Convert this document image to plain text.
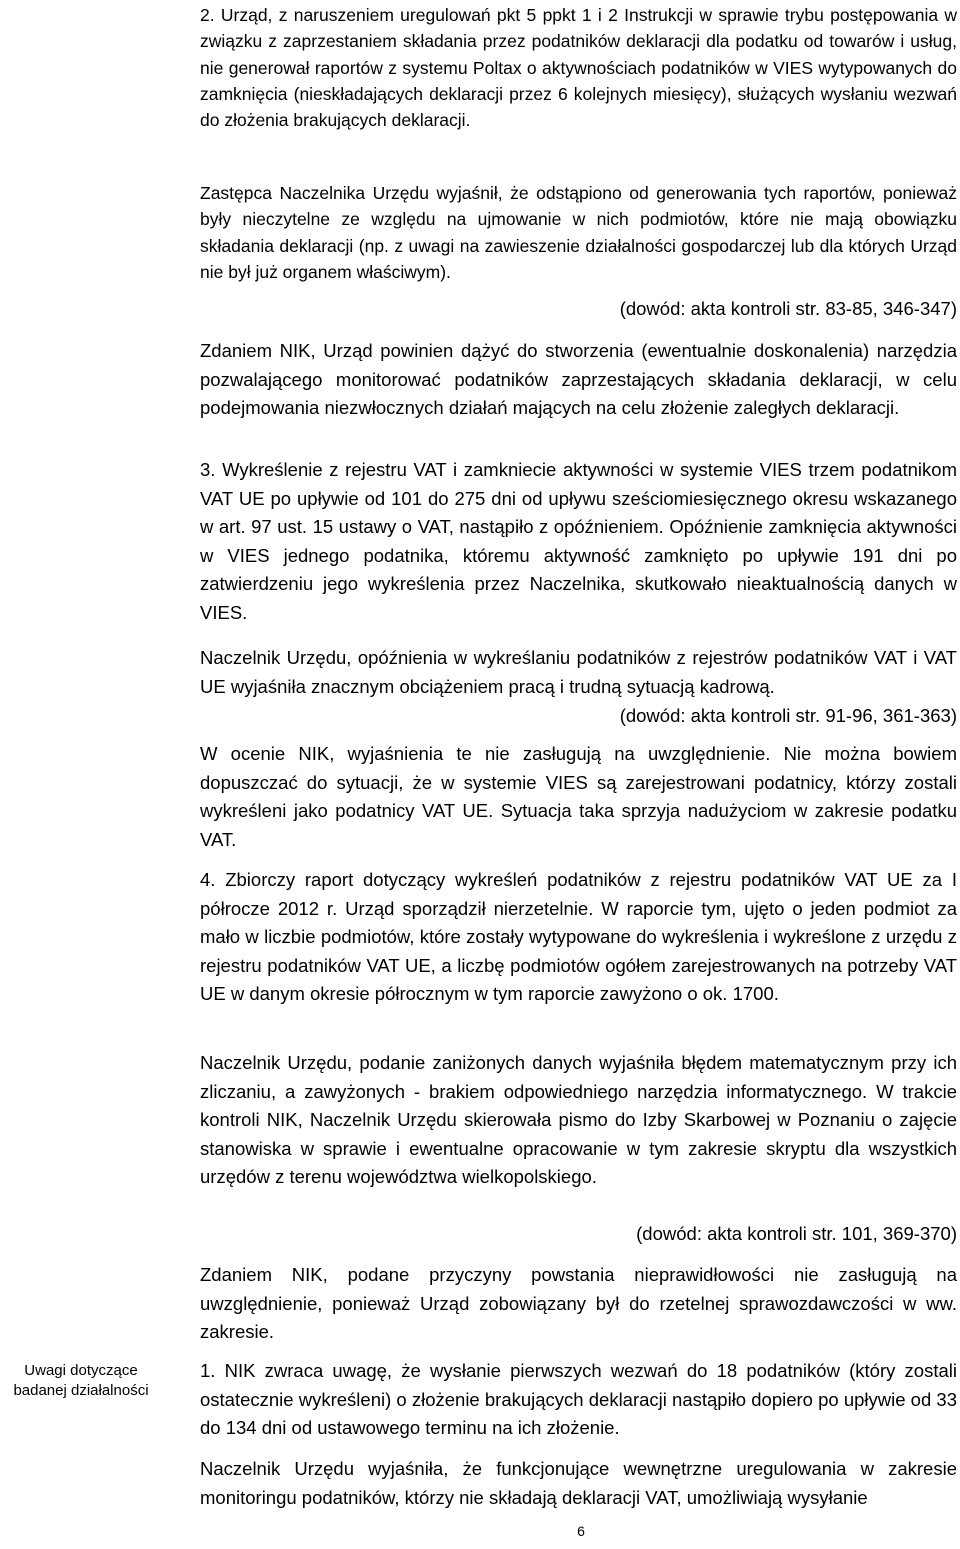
2. Urząd, z naruszeniem uregulowań pkt 5 ppkt 1 i 2 Instrukcji w sprawie trybu postępowania w związku z zaprzestaniem składania przez podatników deklaracji dla podatku od towarów i usług, nie generował raportów z systemu Poltax o aktywnościach podatników w VIES wytypowanych do zamknięcia (nieskładających deklaracji przez 6 kolejnych miesięcy), służących wysłaniu wezwań do złożenia brakujących deklaracji.

Zastępca Naczelnika Urzędu wyjaśnił, że odstąpiono od generowania tych raportów, ponieważ były nieczytelne ze względu na ujmowanie w nich podmiotów, które nie mają obowiązku składania deklaracji (np. z uwagi na zawieszenie działalności gospodarczej lub dla których Urząd nie był już organem właściwym).

(dowód: akta kontroli str. 83-85, 346-347)

Zdaniem NIK, Urząd powinien dążyć do stworzenia (ewentualnie doskonalenia) narzędzia pozwalającego monitorować podatników zaprzestających składania deklaracji, w celu podejmowania niezwłocznych działań mających na celu złożenie zaległych deklaracji.

3. Wykreślenie z rejestru VAT i zamkniecie aktywności w systemie VIES trzem podatnikom VAT UE po upływie od 101 do 275 dni od upływu sześciomiesięcznego okresu wskazanego w art. 97 ust. 15 ustawy o VAT, nastąpiło z opóźnieniem. Opóźnienie zamknięcia aktywności w VIES jednego podatnika, któremu aktywność zamknięto po upływie 191 dni po zatwierdzeniu jego wykreślenia przez Naczelnika, skutkowało nieaktualnością danych w VIES.

Naczelnik Urzędu, opóźnienia w wykreślaniu podatników z rejestrów podatników VAT i VAT UE wyjaśniła znacznym obciążeniem pracą i trudną sytuacją kadrową.

(dowód: akta kontroli str. 91-96, 361-363)

W ocenie NIK, wyjaśnienia te nie zasługują na uwzględnienie. Nie można bowiem dopuszczać do sytuacji, że w systemie VIES są zarejestrowani podatnicy, którzy zostali wykreśleni jako podatnicy VAT UE. Sytuacja taka sprzyja nadużyciom w zakresie podatku VAT.

4. Zbiorczy raport dotyczący wykreśleń podatników z rejestru podatników VAT UE za I półrocze 2012 r. Urząd sporządził nierzetelnie. W raporcie tym, ujęto o jeden podmiot za mało w liczbie podmiotów, które zostały wytypowane do wykreślenia i wykreślone z urzędu z rejestru podatników VAT UE, a liczbę podmiotów ogółem zarejestrowanych na potrzeby VAT UE w danym okresie półrocznym w tym raporcie zawyżono o ok. 1700.

Naczelnik Urzędu, podanie zaniżonych danych wyjaśniła błędem matematycznym przy ich zliczaniu, a zawyżonych - brakiem odpowiedniego narzędzia informatycznego. W trakcie kontroli NIK, Naczelnik Urzędu skierowała pismo do Izby Skarbowej w Poznaniu o zajęcie stanowiska w sprawie i ewentualne opracowanie w tym zakresie skryptu dla wszystkich urzędów z terenu województwa wielkopolskiego.

(dowód: akta kontroli str. 101, 369-370)

Zdaniem NIK, podane przyczyny powstania nieprawidłowości nie zasługują na uwzględnienie, ponieważ Urząd zobowiązany był do rzetelnej sprawozdawczości w ww. zakresie.

Uwagi dotyczące badanej działalności

1. NIK zwraca uwagę, że wysłanie pierwszych wezwań do 18 podatników (który zostali ostatecznie wykreśleni) o złożenie brakujących deklaracji nastąpiło dopiero po upływie od 33 do 134 dni od ustawowego terminu na ich złożenie.

Naczelnik Urzędu wyjaśniła, że funkcjonujące wewnętrzne uregulowania w zakresie monitoringu podatników, którzy nie składają deklaracji VAT, umożliwiają wysyłanie

6
